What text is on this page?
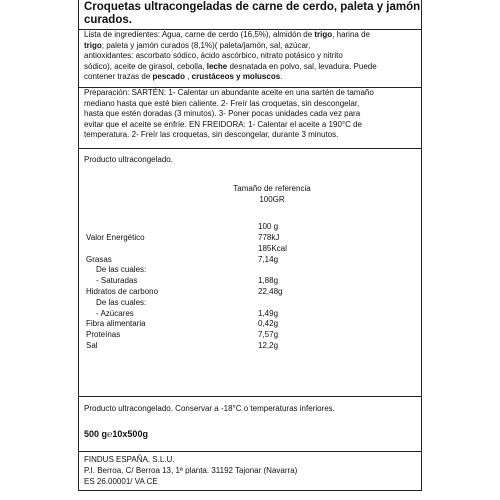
Croquetas ultracongeladas de carne de cerdo, paleta y jamón
curados.
Lista de ingredientes: Agua, carne de cerdo (16,5%), almidón de trigo, harina de
trigo; paleta y jamón curados (8,1%)( paleta/jamón, sal, azúcar,
antioxidantes: ascorbato sódico, ácido ascórbico, nitrato potásico y nitrito
sódico), aceite de girasol, cebolla, leche desnatada en polvo, sal, levadura. Puede
contener trazas de pescado , crustáceos y moluscos.
Preparación: SARTÉN: 1- Calentar un abundante aceite en una sartén de tamaño
mediano hasta que esté bien caliente. 2- Freír las croquetas, sin descongelar,
hasta que estén doradas (3 minutos). 3- Poner pocas unidades cada vez para
evitar que el aceite se enfríe. EN FREIDORA: 1- Calentar el aceite a 190°C de
temperatura. 2- Freír las croquetas, sin descongelar, durante 3 minutos.
Producto ultracongelado.
Tamaño de referencia
100GR
100 g
Valor Energético	778kJ
185Kcal
Grasas	7,14g
De las cuales:
- Saturadas	1,88g
Hidratos de carbono	22,48g
De las cuales:
- Azúcares	1,49g
Fibra alimentaria	0,42g
Proteínas	7,57g
Sal	12,2g
Producto ultracongelado. Conservar a -18°C o temperaturas inferiores.
500 g℮10x500g
FINDUS ESPAÑA, S.L.U.
P.I. Berroa. C/ Berroa 13, 1ª planta. 31192 Tajonar (Navarra)
ES 26.00001/ VA CE
